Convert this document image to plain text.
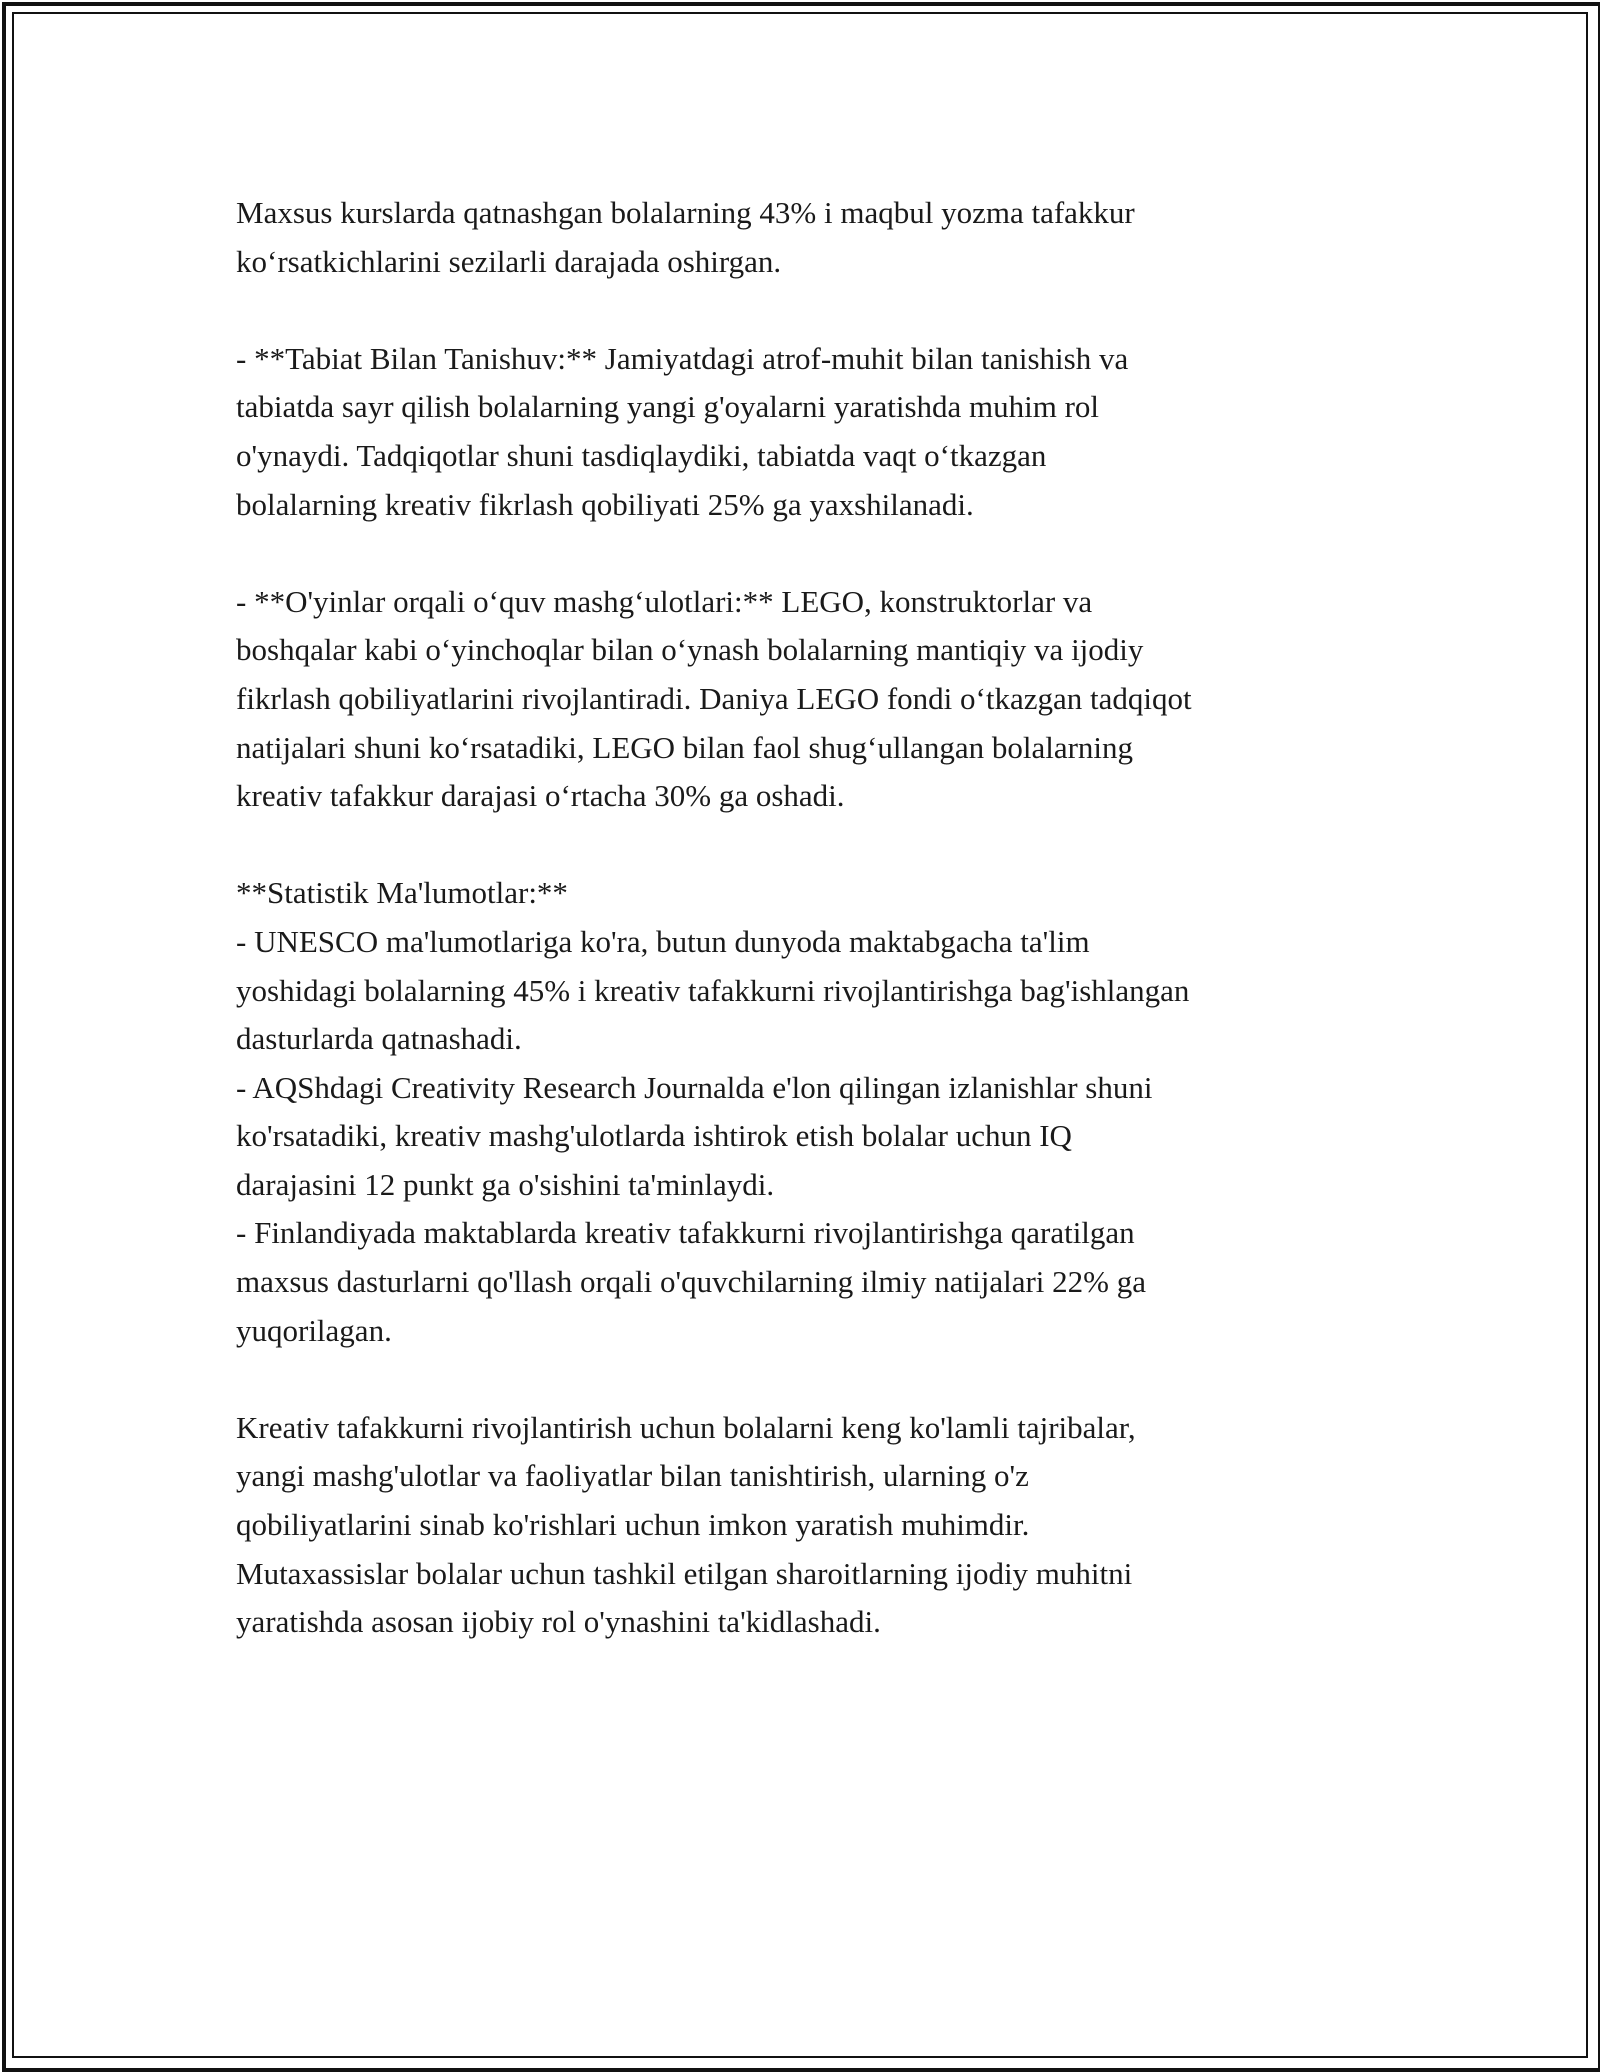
Maxsus kurslarda qatnashgan bolalarning 43% i maqbul yozma tafakkur
ko‘rsatkichlarini sezilarli darajada oshirgan.
- **Tabiat Bilan Tanishuv:** Jamiyatdagi atrof-muhit bilan tanishish va
tabiatda sayr qilish bolalarning yangi g'oyalarni yaratishda muhim rol
o'ynaydi. Tadqiqotlar shuni tasdiqlaydiki, tabiatda vaqt o‘tkazgan
bolalarning kreativ fikrlash qobiliyati 25% ga yaxshilanadi.
- **O'yinlar orqali o‘quv mashg‘ulotlari:** LEGO, konstruktorlar va
boshqalar kabi o‘yinchoqlar bilan o‘ynash bolalarning mantiqiy va ijodiy
fikrlash qobiliyatlarini rivojlantiradi. Daniya LEGO fondi o‘tkazgan tadqiqot
natijalari shuni ko‘rsatadiki, LEGO bilan faol shug‘ullangan bolalarning
kreativ tafakkur darajasi o‘rtacha 30% ga oshadi.
**Statistik Ma'lumotlar:**
- UNESCO ma'lumotlariga ko'ra, butun dunyoda maktabgacha ta'lim
yoshidagi bolalarning 45% i kreativ tafakkurni rivojlantirishga bag'ishlangan
dasturlarda qatnashadi.
- AQShdagi Creativity Research Journalda e'lon qilingan izlanishlar shuni
ko'rsatadiki, kreativ mashg'ulotlarda ishtirok etish bolalar uchun IQ
darajasini 12 punkt ga o'sishini ta'minlaydi.
- Finlandiyada maktablarda kreativ tafakkurni rivojlantirishga qaratilgan
maxsus dasturlarni qo'llash orqali o'quvchilarning ilmiy natijalari 22% ga
yuqorilagan.
Kreativ tafakkurni rivojlantirish uchun bolalarni keng ko'lamli tajribalar,
yangi mashg'ulotlar va faoliyatlar bilan tanishtirish, ularning o'z
qobiliyatlarini sinab ko'rishlari uchun imkon yaratish muhimdir.
Mutaxassislar bolalar uchun tashkil etilgan sharoitlarning ijodiy muhitni
yaratishda asosan ijobiy rol o'ynashini ta'kidlashadi.
